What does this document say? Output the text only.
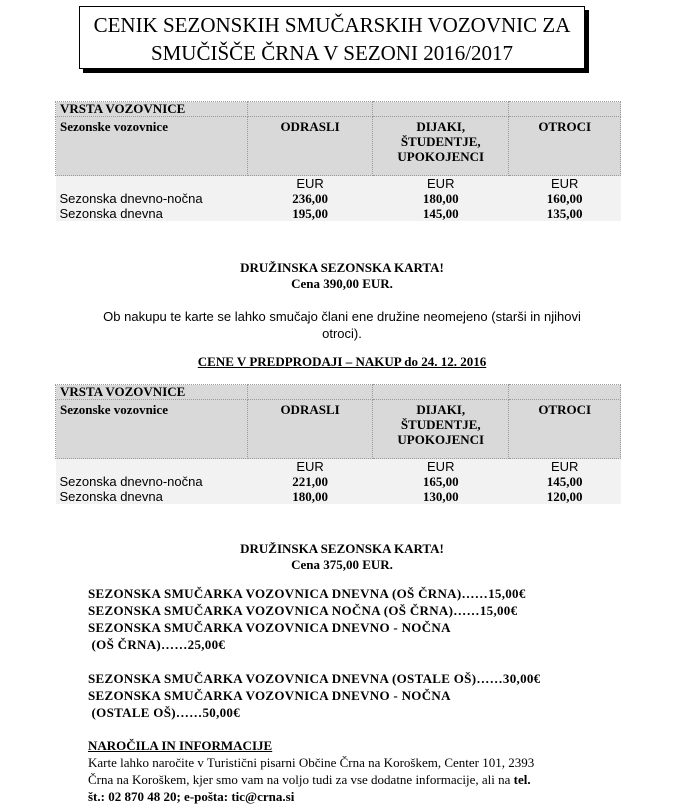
CENIK SEZONSKIH SMUČARSKIH VOZOVNIC ZA
SMUČIŠČE ČRNA V SEZONI 2016/2017
VRSTA VOZOVNICE			
Sezonske vozovnice	ODRASLI	DIJAKI,
ŠTUDENTJE,
UPOKOJENCI	OTROCI
	EUR	EUR	EUR
Sezonska dnevno-nočna	236,00	180,00	160,00
Sezonska dnevna	195,00	145,00	135,00
DRUŽINSKA SEZONSKA KARTA!
Cena 390,00 EUR.
Ob nakupu te karte se lahko smučajo člani ene družine neomejeno (starši in njihovi
otroci).
CENE V PREDPRODAJI – NAKUP do 24. 12. 2016
VRSTA VOZOVNICE			
Sezonske vozovnice	ODRASLI	DIJAKI,
ŠTUDENTJE,
UPOKOJENCI	OTROCI
	EUR	EUR	EUR
Sezonska dnevno-nočna	221,00	165,00	145,00
Sezonska dnevna	180,00	130,00	120,00
DRUŽINSKA SEZONSKA KARTA!
Cena 375,00 EUR.
SEZONSKA SMUČARKA VOZOVNICA DNEVNA (OŠ ČRNA)……15,00€
SEZONSKA SMUČARKA VOZOVNICA NOČNA (OŠ ČRNA)……15,00€
SEZONSKA SMUČARKA VOZOVNICA DNEVNO - NOČNA
(OŠ ČRNA)……25,00€
SEZONSKA SMUČARKA VOZOVNICA DNEVNA (OSTALE OŠ)……30,00€
SEZONSKA SMUČARKA VOZOVNICA DNEVNO - NOČNA
(OSTALE OŠ)……50,00€
NAROČILA IN INFORMACIJE
Karte lahko naročite v Turistični pisarni Občine Črna na Koroškem, Center 101, 2393
Črna na Koroškem, kjer smo vam na voljo tudi za vse dodatne informacije, ali na tel.
št.: 02 870 48 20; e-pošta: tic@crna.si
